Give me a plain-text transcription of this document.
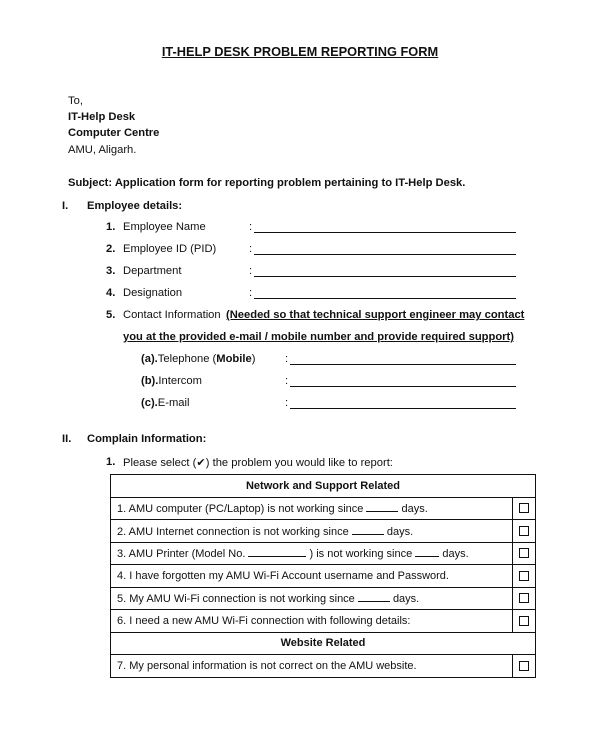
IT-HELP DESK PROBLEM REPORTING FORM
To,
IT-Help Desk
Computer Centre
AMU, Aligarh.
Subject: Application form for reporting problem pertaining to IT-Help Desk.
I. Employee details:
1. Employee Name	:
2. Employee ID (PID)	:
3. Department	:
4. Designation	:
5. Contact Information (Needed so that technical support engineer may contact
you at the provided e-mail / mobile number and provide required support)
(a).Telephone (Mobile)	:
(b).Intercom	:
(c).E-mail	:
II. Complain Information:
1. Please select (✔) the problem you would like to report:
Network and Support Related	
1. AMU computer (PC/Laptop) is not working since days.	
2. AMU Internet connection is not working since days.	
3. AMU Printer (Model No. ) is not working since days.	
4. I have forgotten my AMU Wi-Fi Account username and Password.	
5. My AMU Wi-Fi connection is not working since days.	
6. I need a new AMU Wi-Fi connection with following details:	
Website Related	
7. My personal information is not correct on the AMU website.	
